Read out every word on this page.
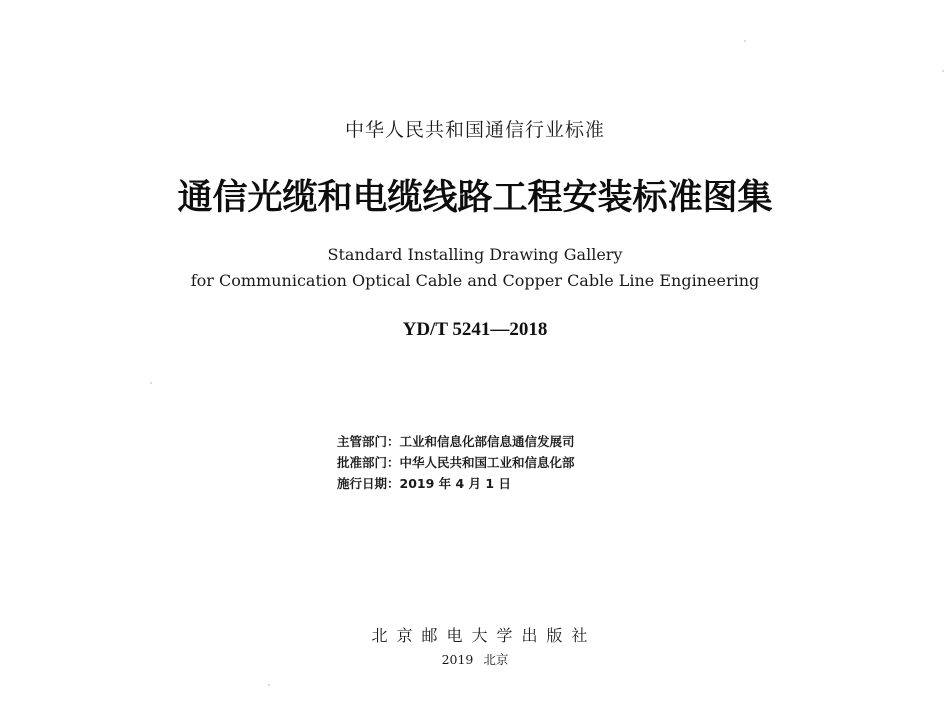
中华人民共和国通信行业标准
通信光缆和电缆线路工程安装标准图集
Standard Installing Drawing Gallery
for Communication Optical Cable and Copper Cable Line Engineering
YD/T 5241—2018
主管部门：工业和信息化部信息通信发展司
批准部门：中华人民共和国工业和信息化部
施行日期：2019 年 4 月 1 日
北京邮电大学出版社
2019 北京
